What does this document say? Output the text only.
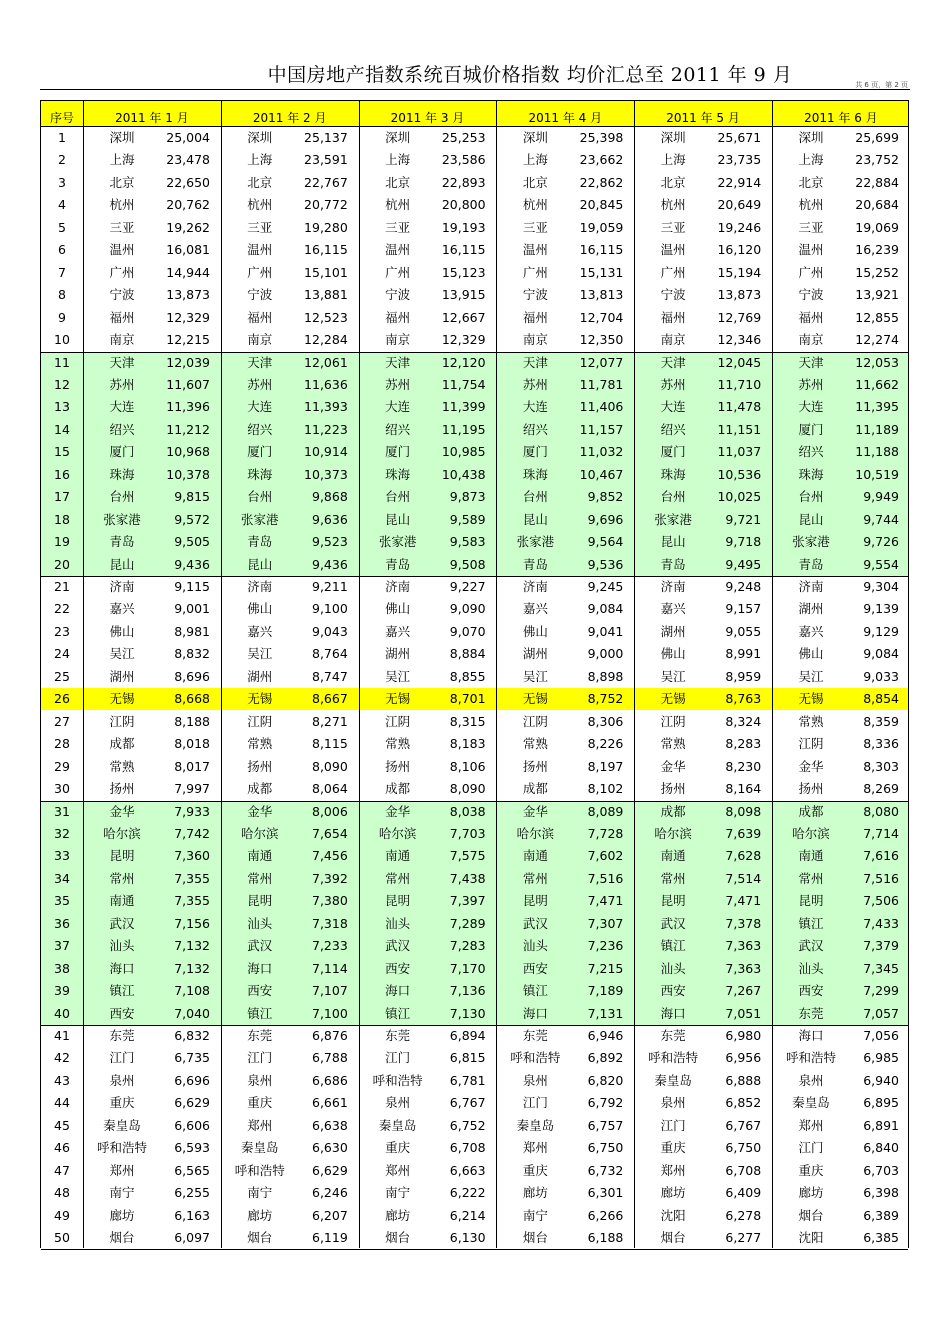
中国房地产指数系统百城价格指数 均价汇总至 2011 年 9 月	共 6 页，第 2 页
序号	2011 年 1 月	2011 年 2 月	2011 年 3 月	2011 年 4 月	2011 年 5 月	2011 年 6 月
1	深圳	25,004	深圳	25,137	深圳	25,253	深圳	25,398	深圳	25,671	深圳	25,699
2	上海	23,478	上海	23,591	上海	23,586	上海	23,662	上海	23,735	上海	23,752
3	北京	22,650	北京	22,767	北京	22,893	北京	22,862	北京	22,914	北京	22,884
4	杭州	20,762	杭州	20,772	杭州	20,800	杭州	20,845	杭州	20,649	杭州	20,684
5	三亚	19,262	三亚	19,280	三亚	19,193	三亚	19,059	三亚	19,246	三亚	19,069
6	温州	16,081	温州	16,115	温州	16,115	温州	16,115	温州	16,120	温州	16,239
7	广州	14,944	广州	15,101	广州	15,123	广州	15,131	广州	15,194	广州	15,252
8	宁波	13,873	宁波	13,881	宁波	13,915	宁波	13,813	宁波	13,873	宁波	13,921
9	福州	12,329	福州	12,523	福州	12,667	福州	12,704	福州	12,769	福州	12,855
10	南京	12,215	南京	12,284	南京	12,329	南京	12,350	南京	12,346	南京	12,274
11	天津	12,039	天津	12,061	天津	12,120	天津	12,077	天津	12,045	天津	12,053
12	苏州	11,607	苏州	11,636	苏州	11,754	苏州	11,781	苏州	11,710	苏州	11,662
13	大连	11,396	大连	11,393	大连	11,399	大连	11,406	大连	11,478	大连	11,395
14	绍兴	11,212	绍兴	11,223	绍兴	11,195	绍兴	11,157	绍兴	11,151	厦门	11,189
15	厦门	10,968	厦门	10,914	厦门	10,985	厦门	11,032	厦门	11,037	绍兴	11,188
16	珠海	10,378	珠海	10,373	珠海	10,438	珠海	10,467	珠海	10,536	珠海	10,519
17	台州	9,815	台州	9,868	台州	9,873	台州	9,852	台州	10,025	台州	9,949
18	张家港	9,572	张家港	9,636	昆山	9,589	昆山	9,696	张家港	9,721	昆山	9,744
19	青岛	9,505	青岛	9,523	张家港	9,583	张家港	9,564	昆山	9,718	张家港	9,726
20	昆山	9,436	昆山	9,436	青岛	9,508	青岛	9,536	青岛	9,495	青岛	9,554
21	济南	9,115	济南	9,211	济南	9,227	济南	9,245	济南	9,248	济南	9,304
22	嘉兴	9,001	佛山	9,100	佛山	9,090	嘉兴	9,084	嘉兴	9,157	湖州	9,139
23	佛山	8,981	嘉兴	9,043	嘉兴	9,070	佛山	9,041	湖州	9,055	嘉兴	9,129
24	吴江	8,832	吴江	8,764	湖州	8,884	湖州	9,000	佛山	8,991	佛山	9,084
25	湖州	8,696	湖州	8,747	吴江	8,855	吴江	8,898	吴江	8,959	吴江	9,033
26	无锡	8,668	无锡	8,667	无锡	8,701	无锡	8,752	无锡	8,763	无锡	8,854
27	江阴	8,188	江阴	8,271	江阴	8,315	江阴	8,306	江阴	8,324	常熟	8,359
28	成都	8,018	常熟	8,115	常熟	8,183	常熟	8,226	常熟	8,283	江阴	8,336
29	常熟	8,017	扬州	8,090	扬州	8,106	扬州	8,197	金华	8,230	金华	8,303
30	扬州	7,997	成都	8,064	成都	8,090	成都	8,102	扬州	8,164	扬州	8,269
31	金华	7,933	金华	8,006	金华	8,038	金华	8,089	成都	8,098	成都	8,080
32	哈尔滨	7,742	哈尔滨	7,654	哈尔滨	7,703	哈尔滨	7,728	哈尔滨	7,639	哈尔滨	7,714
33	昆明	7,360	南通	7,456	南通	7,575	南通	7,602	南通	7,628	南通	7,616
34	常州	7,355	常州	7,392	常州	7,438	常州	7,516	常州	7,514	常州	7,516
35	南通	7,355	昆明	7,380	昆明	7,397	昆明	7,471	昆明	7,471	昆明	7,506
36	武汉	7,156	汕头	7,318	汕头	7,289	武汉	7,307	武汉	7,378	镇江	7,433
37	汕头	7,132	武汉	7,233	武汉	7,283	汕头	7,236	镇江	7,363	武汉	7,379
38	海口	7,132	海口	7,114	西安	7,170	西安	7,215	汕头	7,363	汕头	7,345
39	镇江	7,108	西安	7,107	海口	7,136	镇江	7,189	西安	7,267	西安	7,299
40	西安	7,040	镇江	7,100	镇江	7,130	海口	7,131	海口	7,051	东莞	7,057
41	东莞	6,832	东莞	6,876	东莞	6,894	东莞	6,946	东莞	6,980	海口	7,056
42	江门	6,735	江门	6,788	江门	6,815	呼和浩特	6,892	呼和浩特	6,956	呼和浩特	6,985
43	泉州	6,696	泉州	6,686	呼和浩特	6,781	泉州	6,820	秦皇岛	6,888	泉州	6,940
44	重庆	6,629	重庆	6,661	泉州	6,767	江门	6,792	泉州	6,852	秦皇岛	6,895
45	秦皇岛	6,606	郑州	6,638	秦皇岛	6,752	秦皇岛	6,757	江门	6,767	郑州	6,891
46	呼和浩特	6,593	秦皇岛	6,630	重庆	6,708	郑州	6,750	重庆	6,750	江门	6,840
47	郑州	6,565	呼和浩特	6,629	郑州	6,663	重庆	6,732	郑州	6,708	重庆	6,703
48	南宁	6,255	南宁	6,246	南宁	6,222	廊坊	6,301	廊坊	6,409	廊坊	6,398
49	廊坊	6,163	廊坊	6,207	廊坊	6,214	南宁	6,266	沈阳	6,278	烟台	6,389
50	烟台	6,097	烟台	6,119	烟台	6,130	烟台	6,188	烟台	6,277	沈阳	6,385
